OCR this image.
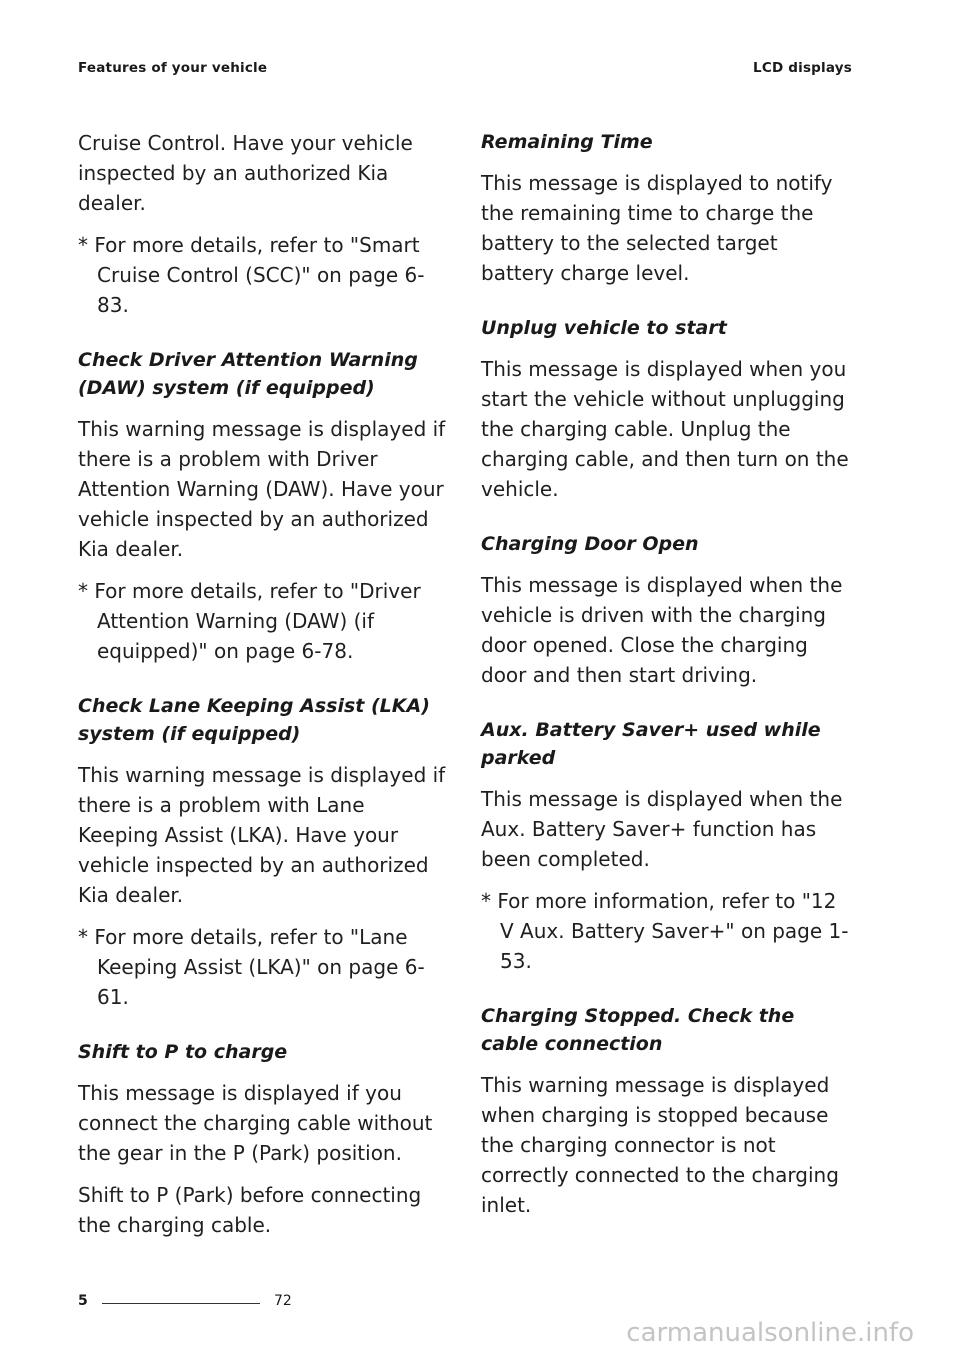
Features of your vehicle	LCD displays

Cruise Control. Have your vehicle inspected by an authorized Kia dealer.

* For more details, refer to "Smart Cruise Control (SCC)" on page 6-83.

Check Driver Attention Warning (DAW) system (if equipped)

This warning message is displayed if there is a problem with Driver Attention Warning (DAW). Have your vehicle inspected by an authorized Kia dealer.

* For more details, refer to "Driver Attention Warning (DAW) (if equipped)" on page 6-78.

Check Lane Keeping Assist (LKA) system (if equipped)

This warning message is displayed if there is a problem with Lane Keeping Assist (LKA). Have your vehicle inspected by an authorized Kia dealer.

* For more details, refer to "Lane Keeping Assist (LKA)" on page 6-61.

Shift to P to charge

This message is displayed if you connect the charging cable without the gear in the P (Park) position.

Shift to P (Park) before connecting the charging cable.

Remaining Time

This message is displayed to notify the remaining time to charge the battery to the selected target battery charge level.

Unplug vehicle to start

This message is displayed when you start the vehicle without unplugging the charging cable. Unplug the charging cable, and then turn on the vehicle.

Charging Door Open

This message is displayed when the vehicle is driven with the charging door opened. Close the charging door and then start driving.

Aux. Battery Saver+ used while parked

This message is displayed when the Aux. Battery Saver+ function has been completed.

* For more information, refer to "12 V Aux. Battery Saver+" on page 1-53.

Charging Stopped. Check the cable connection

This warning message is displayed when charging is stopped because the charging connector is not correctly connected to the charging inlet.

5	72
carmanualsonline.info
